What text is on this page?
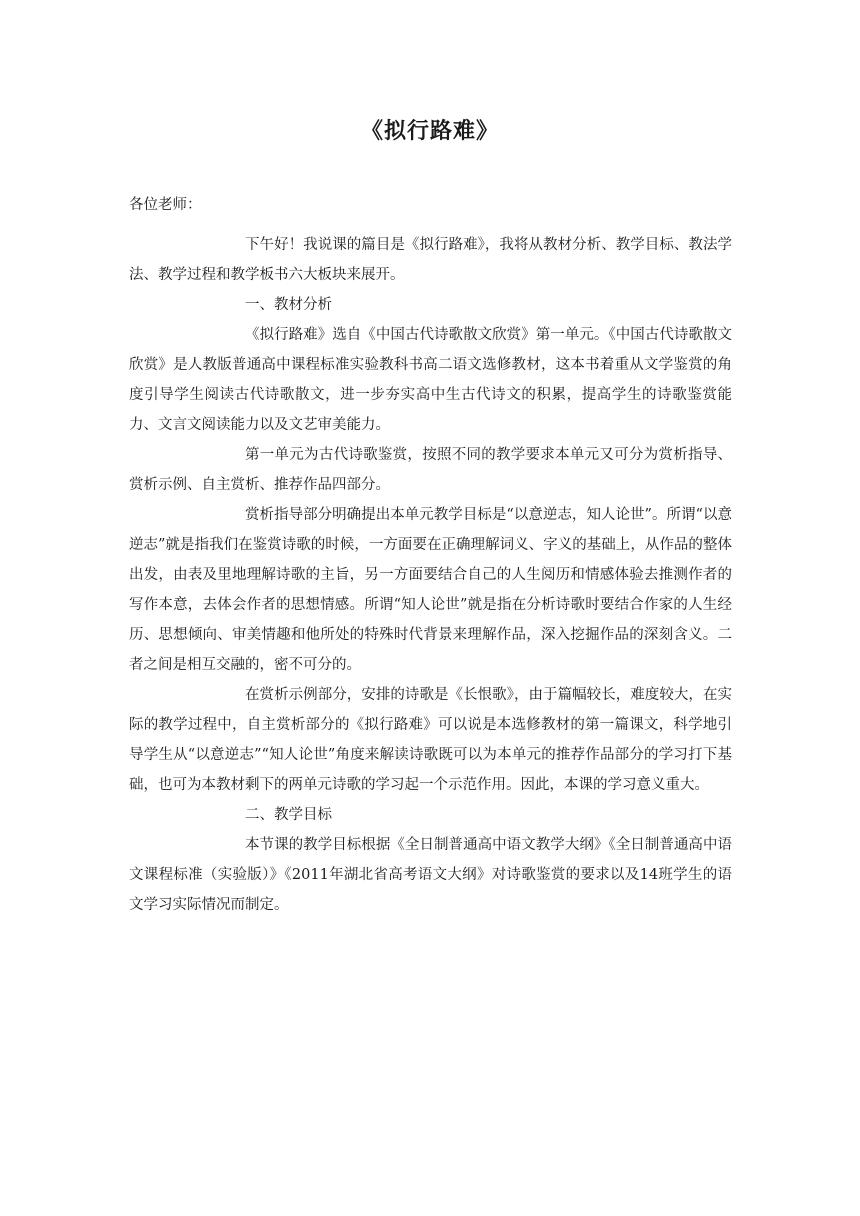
《拟行路难》

各位老师：

下午好！我说课的篇目是《拟行路难》，我将从教材分析、教学目标、教法学法、教学过程和教学板书六大板块来展开。

一、教材分析

《拟行路难》选自《中国古代诗歌散文欣赏》第一单元。《中国古代诗歌散文欣赏》是人教版普通高中课程标准实验教科书高二语文选修教材，这本书着重从文学鉴赏的角度引导学生阅读古代诗歌散文，进一步夯实高中生古代诗文的积累，提高学生的诗歌鉴赏能力、文言文阅读能力以及文艺审美能力。

第一单元为古代诗歌鉴赏，按照不同的教学要求本单元又可分为赏析指导、赏析示例、自主赏析、推荐作品四部分。

赏析指导部分明确提出本单元教学目标是“以意逆志，知人论世”。所谓“以意逆志”就是指我们在鉴赏诗歌的时候，一方面要在正确理解词义、字义的基础上，从作品的整体出发，由表及里地理解诗歌的主旨，另一方面要结合自己的人生阅历和情感体验去推测作者的写作本意，去体会作者的思想情感。所谓“知人论世”就是指在分析诗歌时要结合作家的人生经历、思想倾向、审美情趣和他所处的特殊时代背景来理解作品，深入挖掘作品的深刻含义。二者之间是相互交融的，密不可分的。

在赏析示例部分，安排的诗歌是《长恨歌》，由于篇幅较长，难度较大，在实际的教学过程中，自主赏析部分的《拟行路难》可以说是本选修教材的第一篇课文，科学地引导学生从“以意逆志”“知人论世”角度来解读诗歌既可以为本单元的推荐作品部分的学习打下基础，也可为本教材剩下的两单元诗歌的学习起一个示范作用。因此，本课的学习意义重大。

二、教学目标

本节课的教学目标根据《全日制普通高中语文教学大纲》《全日制普通高中语文课程标准（实验版）》《2011年湖北省高考语文大纲》对诗歌鉴赏的要求以及14班学生的语文学习实际情况而制定。
